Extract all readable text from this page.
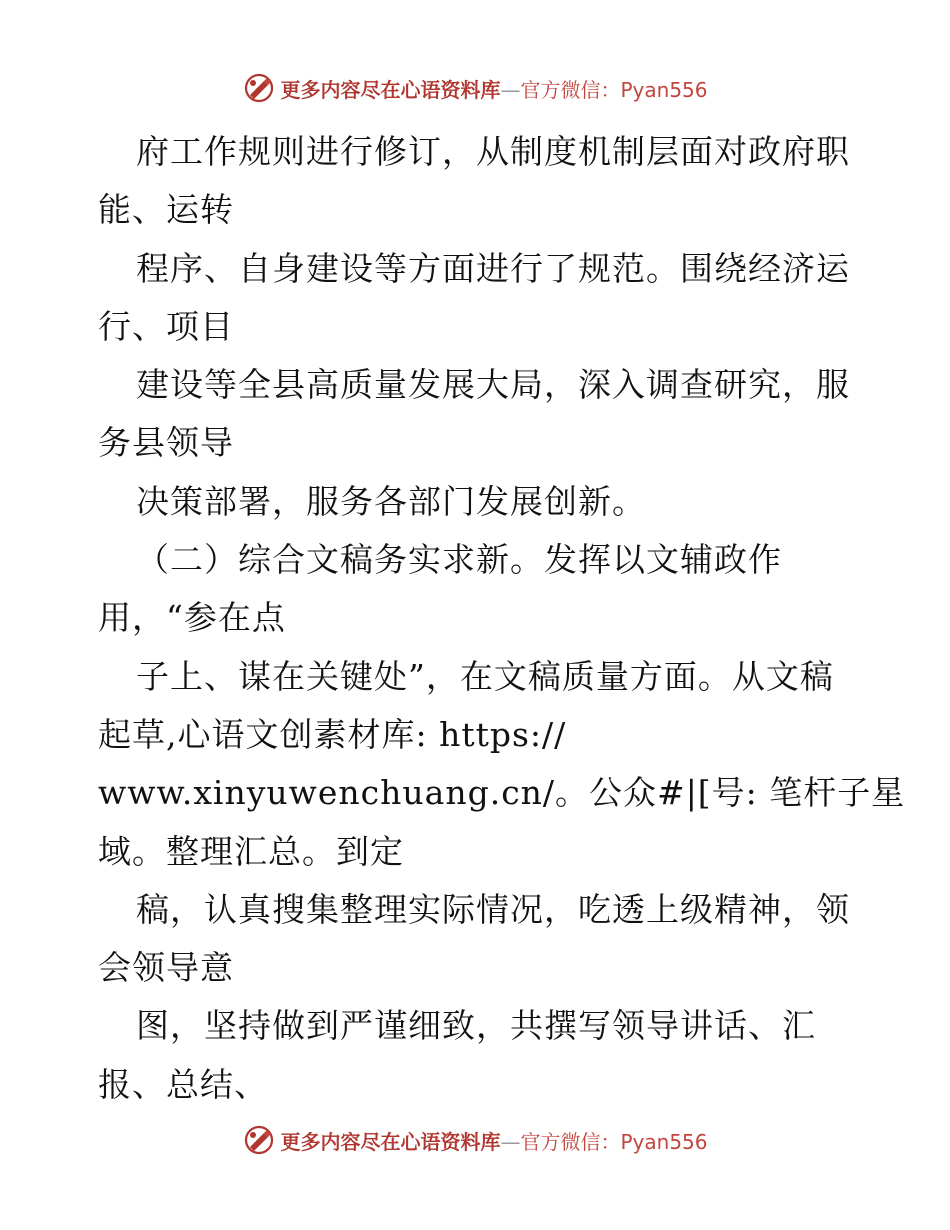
更多内容尽在心语资料库—官方微信：Pyan556
府工作规则进行修订，从制度机制层面对政府职
能、运转
程序、自身建设等方面进行了规范。围绕经济运
行、项目
建设等全县高质量发展大局，深入调查研究，服
务县领导
决策部署，服务各部门发展创新。
（二）综合文稿务实求新。发挥以文辅政作
用，“参在点
子上、谋在关键处”，在文稿质量方面。从文稿
起草,心语文创素材库: https://
www.xinyuwenchuang.cn/。公众#|[号: 笔杆子星
域。整理汇总。到定
稿，认真搜集整理实际情况，吃透上级精神，领
会领导意
图，坚持做到严谨细致，共撰写领导讲话、汇
报、总结、
更多内容尽在心语资料库—官方微信：Pyan556
